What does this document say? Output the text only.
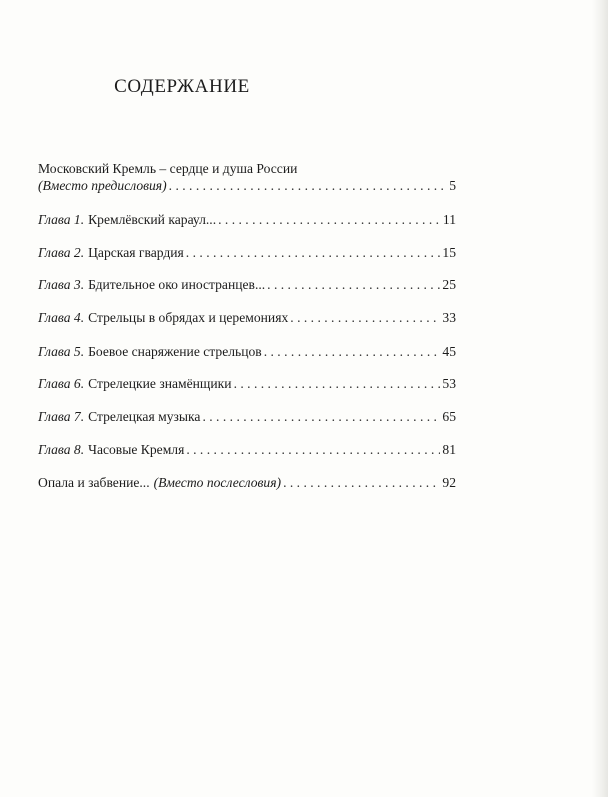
СОДЕРЖАНИЕ
Московский Кремль – сердце и душа России
(Вместо предисловия) . . .	5
Глава 1. Кремлёвский караул... . . .	11
Глава 2. Царская гвардия . . .	15
Глава 3. Бдительное око иностранцев... . . .	25
Глава 4. Стрельцы в обрядах и церемониях . . .	33
Глава 5. Боевое снаряжение стрельцов . . .	45
Глава 6. Стрелецкие знамёнщики . . .	53
Глава 7. Стрелецкая музыка . . .	65
Глава 8. Часовые Кремля . . .	81
Опала и забвение... (Вместо послесловия) . . .	92
